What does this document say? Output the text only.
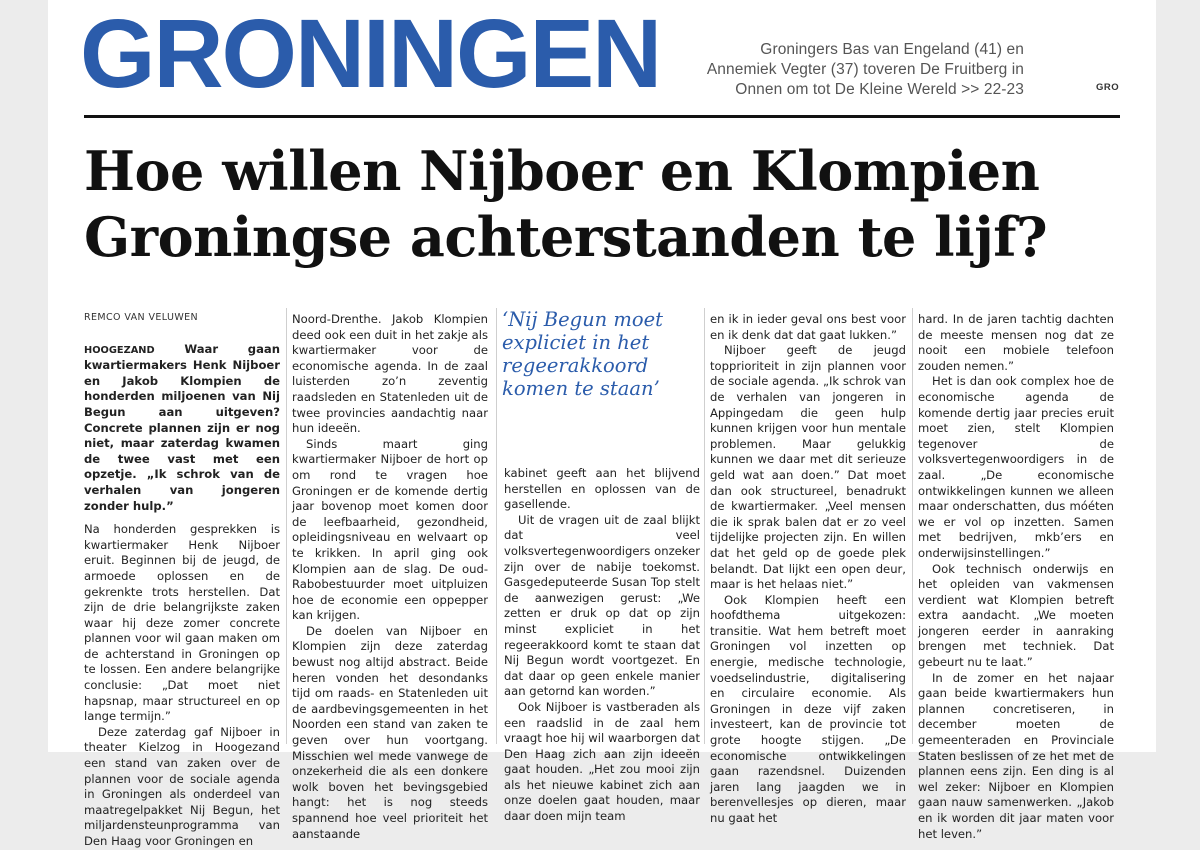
GRONINGEN	Groningers Bas van Engeland (41) en Annemiek Vegter (37) toveren De Fruitberg in Onnen om tot De Kleine Wereld >> 22-23	GRO
Hoe willen Nijboer en Klompien Groningse achterstanden te lijf?

REMCO VAN VELUWEN

HOOGEZAND	Waar gaan kwartiermakers Henk Nijboer en Jakob Klompien de honderden miljoenen van Nij Begun aan uitgeven? Concrete plannen zijn er nog niet, maar zaterdag kwamen de twee vast met een opzetje. „Ik schrok van de verhalen van jongeren zonder hulp.”

Na honderden gesprekken is kwartiermaker Henk Nijboer eruit. Beginnen bij de jeugd, de armoede oplossen en de gekrenkte trots herstellen. Dat zijn de drie belangrijkste zaken waar hij deze zomer concrete plannen voor wil gaan maken om de achterstand in Groningen op te lossen. Een andere belangrijke conclusie: „Dat moet niet hapsnap, maar structureel en op lange termijn.”

Deze zaterdag gaf Nijboer in theater Kielzog in Hoogezand een stand van zaken over de plannen voor de sociale agenda in Groningen als onderdeel van maatregelpakket Nij Begun, het miljardensteunprogramma van Den Haag voor Groningen en

Noord-Drenthe. Jakob Klompien deed ook een duit in het zakje als kwartiermaker voor de economische agenda. In de zaal luisterden zo’n zeventig raadsleden en Statenleden uit de twee provincies aandachtig naar hun ideeën.

Sinds maart ging kwartiermaker Nijboer de hort op om rond te vragen hoe Groningen er de komende dertig jaar bovenop moet komen door de leefbaarheid, gezondheid, opleidingsniveau en welvaart op te krikken. In april ging ook Klompien aan de slag. De oud-Rabobestuurder moet uitpluizen hoe de economie een oppepper kan krijgen.

De doelen van Nijboer en Klompien zijn deze zaterdag bewust nog altijd abstract. Beide heren vonden het desondanks tijd om raads- en Statenleden uit de aardbevingsgemeenten in het Noorden een stand van zaken te geven over hun voortgang. Misschien wel mede vanwege de onzekerheid die als een donkere wolk boven het bevingsgebied hangt: het is nog steeds spannend hoe veel prioriteit het aanstaande

‘Nij Begun moet expliciet in het regeerakkoord komen te staan’

kabinet geeft aan het blijvend herstellen en oplossen van de gasellende.

Uit de vragen uit de zaal blijkt dat veel volksvertegenwoordigers onzeker zijn over de nabije toekomst. Gasgedeputeerde Susan Top stelt de aanwezigen gerust: „We zetten er druk op dat op zijn minst expliciet in het regeerakkoord komt te staan dat Nij Begun wordt voortgezet. En dat daar op geen enkele manier aan getornd kan worden.”

Ook Nijboer is vastberaden als een raadslid in de zaal hem vraagt hoe hij wil waarborgen dat Den Haag zich aan zijn ideeën gaat houden. „Het zou mooi zijn als het nieuwe kabinet zich aan onze doelen gaat houden, maar daar doen mijn team

en ik in ieder geval ons best voor en ik denk dat dat gaat lukken.”

Nijboer geeft de jeugd topprioriteit in zijn plannen voor de sociale agenda. „Ik schrok van de verhalen van jongeren in Appingedam die geen hulp kunnen krijgen voor hun mentale problemen. Maar gelukkig kunnen we daar met dit serieuze geld wat aan doen.” Dat moet dan ook structureel, benadrukt de kwartiermaker. „Veel mensen die ik sprak balen dat er zo veel tijdelijke projecten zijn. En willen dat het geld op de goede plek belandt. Dat lijkt een open deur, maar is het helaas niet.”

Ook Klompien heeft een hoofdthema uitgekozen: transitie. Wat hem betreft moet Groningen vol inzetten op energie, medische technologie, voedselindustrie, digitalisering en circulaire economie. Als Groningen in deze vijf zaken investeert, kan de provincie tot grote hoogte stijgen. „De economische ontwikkelingen gaan razendsnel. Duizenden jaren lang jaagden we in berenvellesjes op dieren, maar nu gaat het

hard. In de jaren tachtig dachten de meeste mensen nog dat ze nooit een mobiele telefoon zouden nemen.”

Het is dan ook complex hoe de economische agenda de komende dertig jaar precies eruit moet zien, stelt Klompien tegenover de volksvertegenwoordigers in de zaal. „De economische ontwikkelingen kunnen we alleen maar onderschatten, dus móéten we er vol op inzetten. Samen met bedrijven, mkb’ers en onderwijsinstellingen.”

Ook technisch onderwijs en het opleiden van vakmensen verdient wat Klompien betreft extra aandacht. „We moeten jongeren eerder in aanraking brengen met techniek. Dat gebeurt nu te laat.”

In de zomer en het najaar gaan beide kwartiermakers hun plannen concretiseren, in december moeten de gemeenteraden en Provinciale Staten beslissen of ze het met de plannen eens zijn. Een ding is al wel zeker: Nijboer en Klompien gaan nauw samenwerken. „Jakob en ik worden dit jaar maten voor het leven.”
